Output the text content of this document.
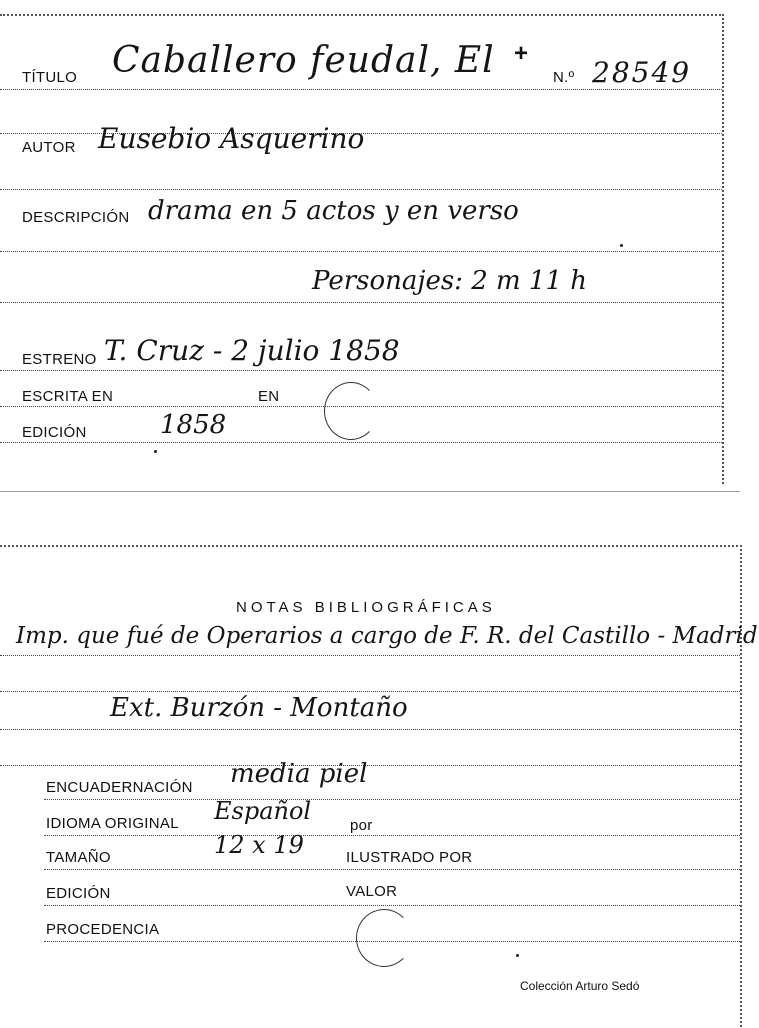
TÍTULO Caballero feudal, El +
N.º 28549
AUTOR Eusebio Asquerino
DESCRIPCIÓN drama en 5 actos y en verso
Personajes: 2 m 11 h
ESTRENO T. Cruz - 2 julio 1858
ESCRITA EN	EN
EDICIÓN	1858
NOTAS BIBLIOGRÁFICAS
Imp. que fué de Operarios a cargo de F. R. del Castillo - Madrid
Ext. Burzón - Montaño
ENCUADERNACIÓN media piel
IDIOMA ORIGINAL Español
por
TAMAÑO	12 x 19	ILUSTRADO POR
EDICIÓN	VALOR
PROCEDENCIA
Colección Arturo Sedó
